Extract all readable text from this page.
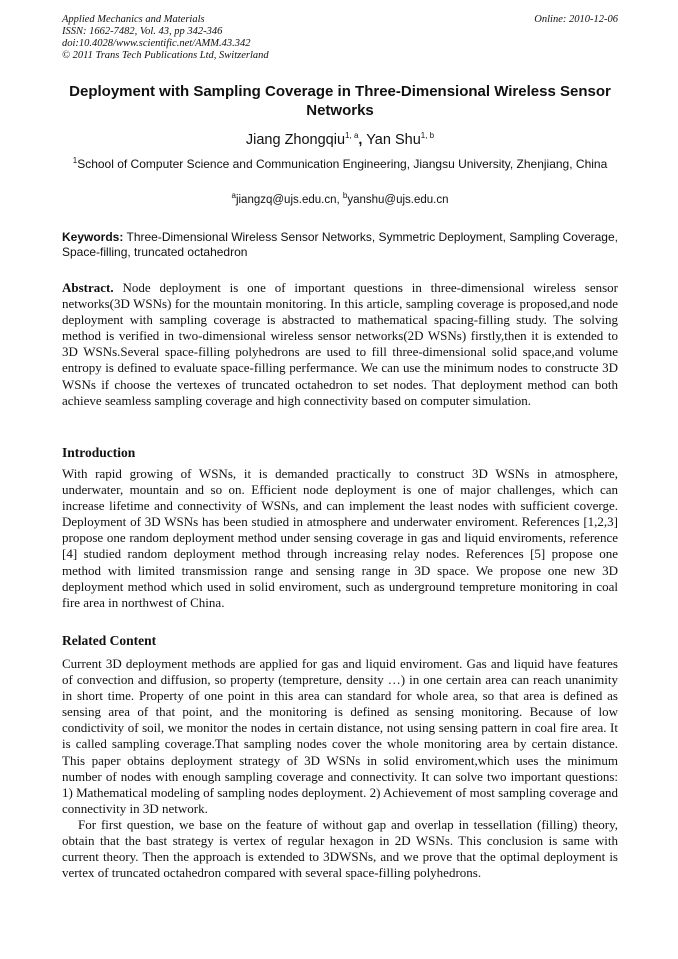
Applied Mechanics and Materials
ISSN: 1662-7482, Vol. 43, pp 342-346
doi:10.4028/www.scientific.net/AMM.43.342
© 2011 Trans Tech Publications Ltd, Switzerland
Online: 2010-12-06
Deployment with Sampling Coverage in Three-Dimensional Wireless Sensor Networks
Jiang Zhongqiu$^{1, a}$, Yan Shu$^{1, b}$
$^1$School of Computer Science and Communication Engineering, Jiangsu University, Zhenjiang, China
$^a$jiangzq@ujs.edu.cn, $^b$yanshu@ujs.edu.cn
Keywords: Three-Dimensional Wireless Sensor Networks, Symmetric Deployment, Sampling Coverage, Space-filling, truncated octahedron
Abstract. Node deployment is one of important questions in three-dimensional wireless sensor networks(3D WSNs) for the mountain monitoring. In this article, sampling coverage is proposed,and node deployment with sampling coverage is abstracted to mathematical spacing-filling study. The solving method is verified in two-dimensional wireless sensor networks(2D WSNs) firstly,then it is extended to 3D WSNs.Several space-filling polyhedrons are used to fill three-dimensional solid space,and volume entropy is defined to evaluate space-filling perfermance. We can use the minimum nodes to constructe 3D WSNs if choose the vertexes of truncated octahedron to set nodes. That deployment method can both achieve seamless sampling coverage and high connectivity based on computer simulation.
Introduction
With rapid growing of WSNs, it is demanded practically to construct 3D WSNs in atmosphere, underwater, mountain and so on. Efficient node deployment is one of major challenges, which can increase lifetime and connectivity of WSNs, and can implement the least nodes with sufficient coverge. Deployment of 3D WSNs has been studied in atmosphere and underwater enviroment. References [1,2,3] propose one random deployment method under sensing coverage in gas and liquid enviroments, reference [4] studied random deployment method through increasing relay nodes. References [5] propose one method with limited transmission range and sensing range in 3D space. We propose one new 3D deployment method which used in solid enviroment, such as underground tempreture monitoring in coal fire area in northwest of China.
Related Content

Current 3D deployment methods are applied for gas and liquid enviroment. Gas and liquid have features of convection and diffusion, so property (tempreture, density …) in one certain area can reach unanimity in short time. Property of one point in this area can standard for whole area, so that area is defined as sensing area of that point, and the monitoring is defined as sensing monitoring. Because of low condictivity of soil, we monitor the nodes in certain distance, not using sensing pattern in coal fire area. It is called sampling coverage.That sampling nodes cover the whole monitoring area by certain distance. This paper obtains deployment strategy of 3D WSNs in solid enviroment,which uses the minimum number of nodes with enough sampling coverage and connectivity. It can solve two important questions: 1) Mathematical modeling of sampling nodes deployment. 2) Achievement of most sampling coverage and connectivity in 3D network.

For first question, we base on the feature of without gap and overlap in tessellation (filling) theory, obtain that the bast strategy is vertex of regular hexagon in 2D WSNs. This conclusion is same with current theory. Then the approach is extended to 3DWSNs, and we prove that the optimal deployment is vertex of truncated octahedron compared with several space-filling polyhedrons.
